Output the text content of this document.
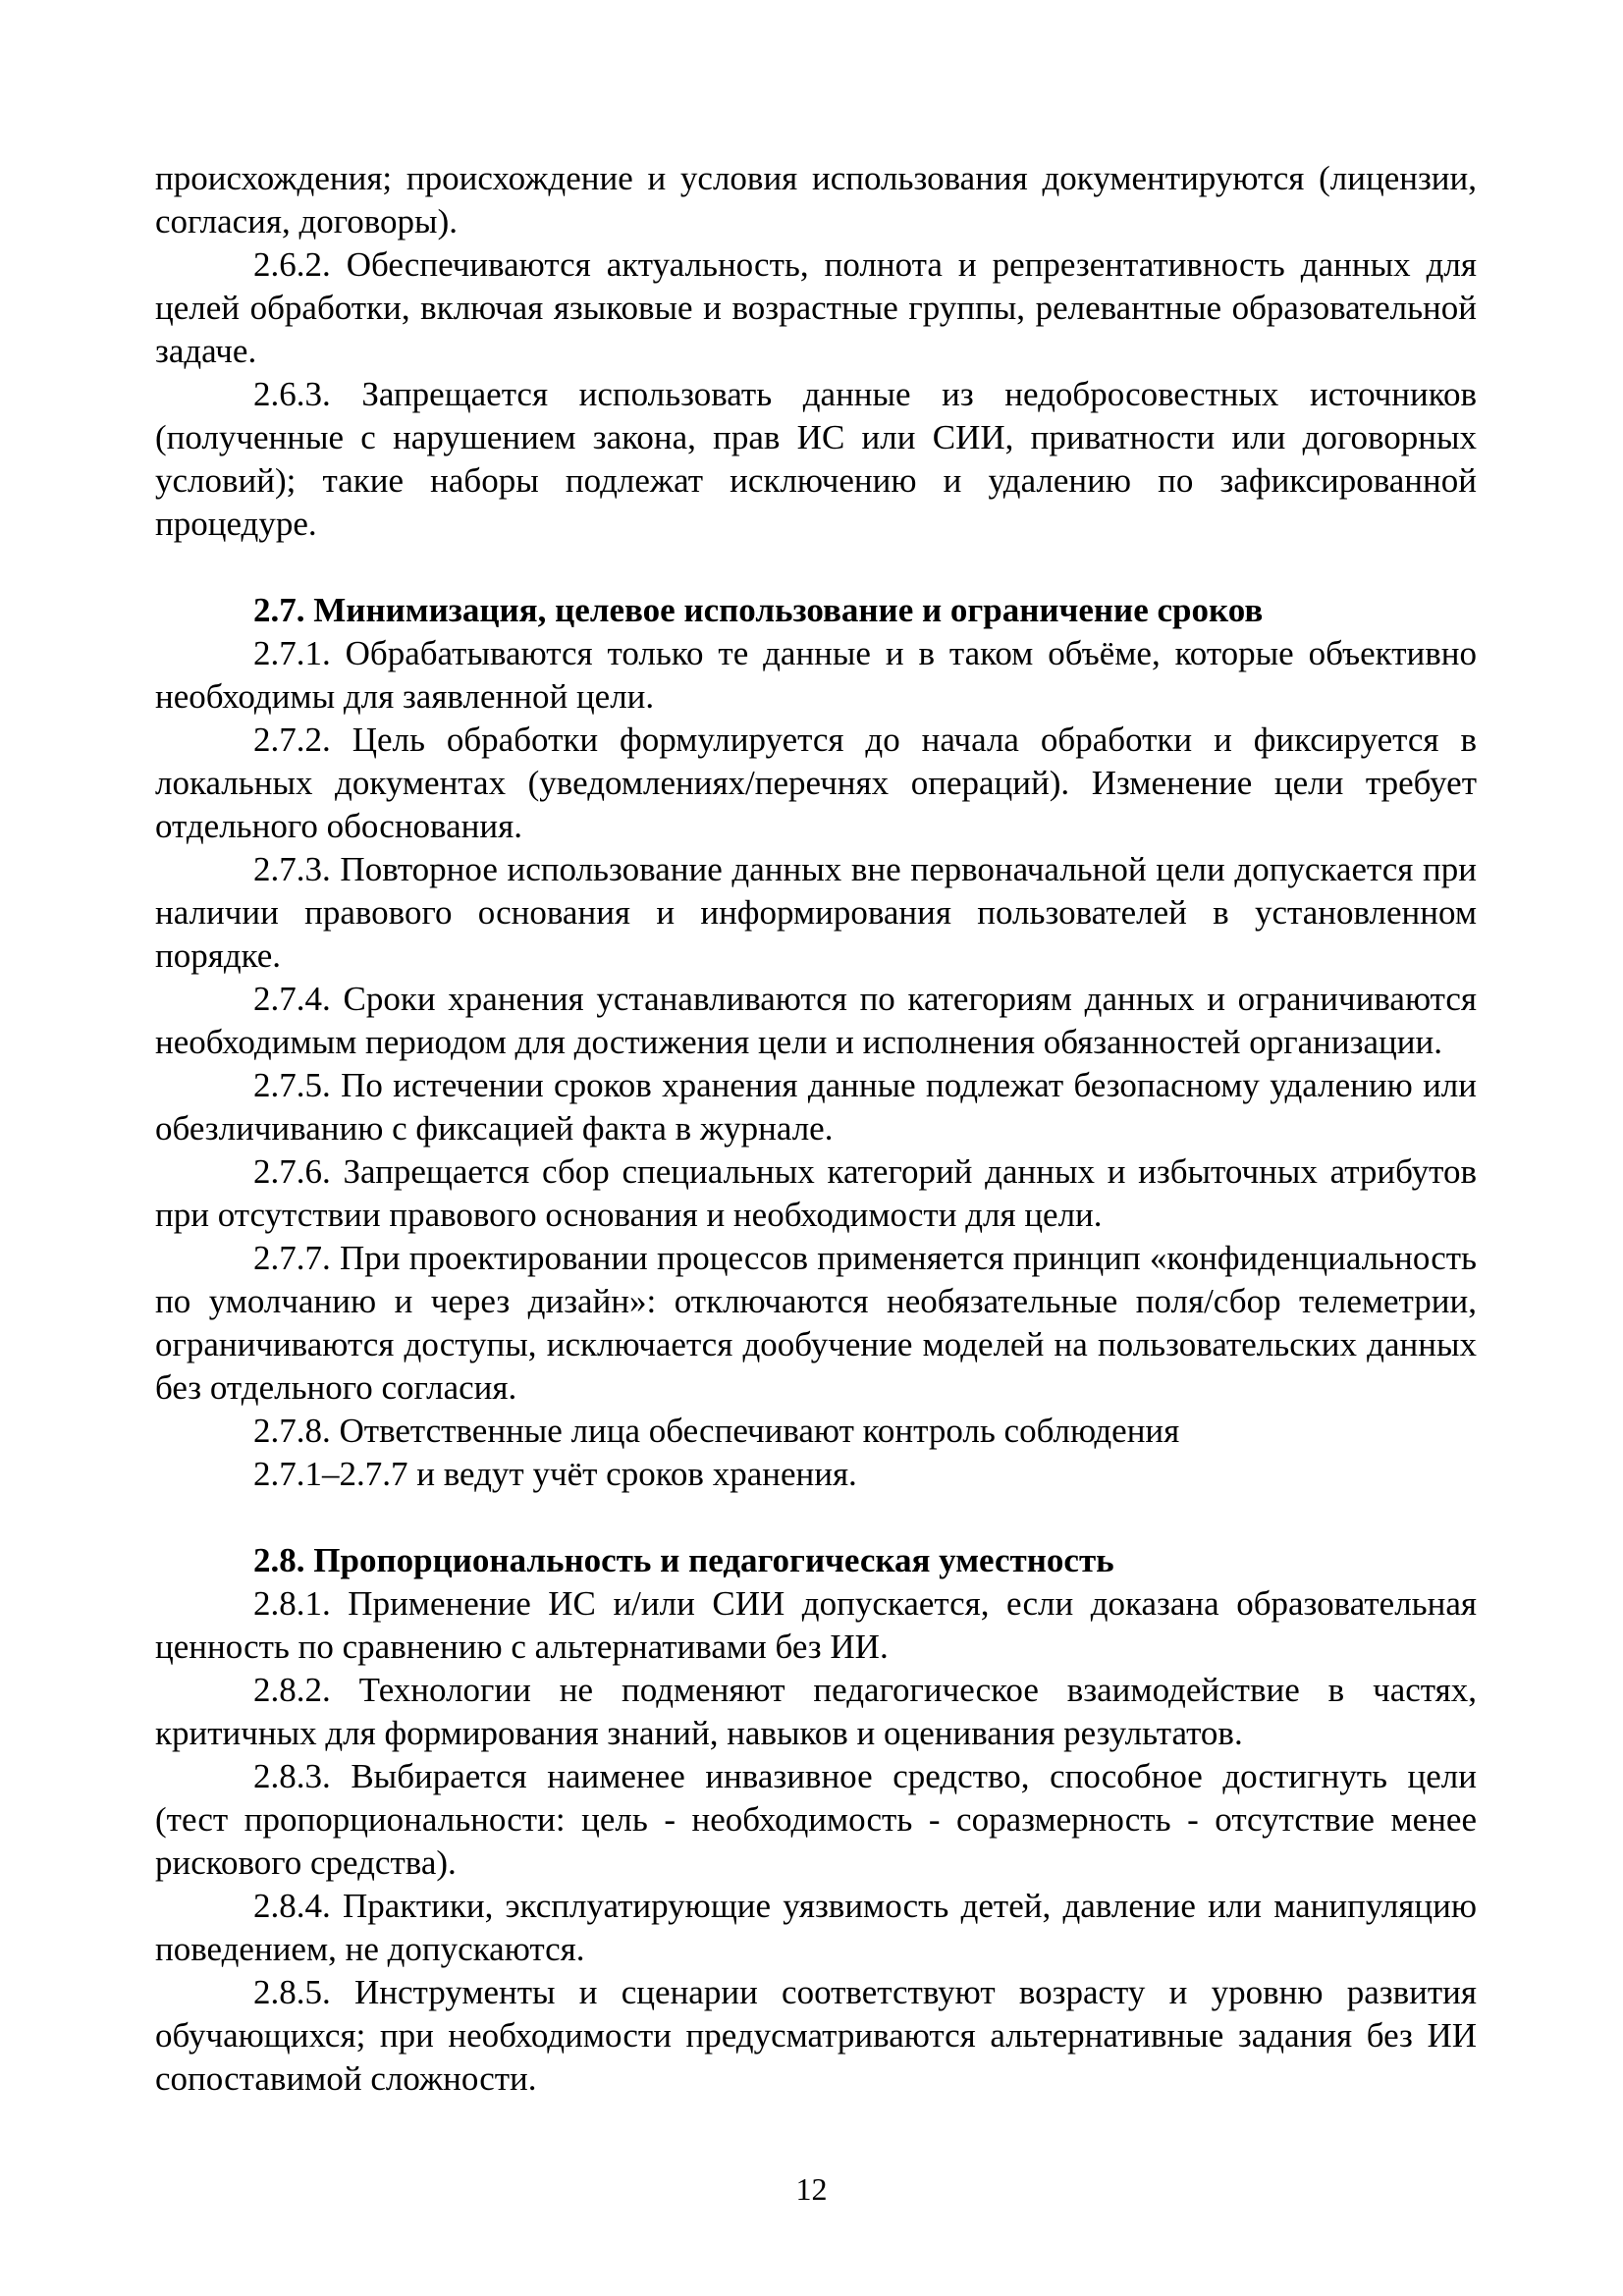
происхождения; происхождение и условия использования документируются (лицензии, согласия, договоры).

2.6.2. Обеспечиваются актуальность, полнота и репрезентативность данных для целей обработки, включая языковые и возрастные группы, релевантные образовательной задаче.

2.6.3. Запрещается использовать данные из недобросовестных источников (полученные с нарушением закона, прав ИС или СИИ, приватности или договорных условий); такие наборы подлежат исключению и удалению по зафиксированной процедуре.

2.7. Минимизация, целевое использование и ограничение сроков

2.7.1. Обрабатываются только те данные и в таком объёме, которые объективно необходимы для заявленной цели.

2.7.2. Цель обработки формулируется до начала обработки и фиксируется в локальных документах (уведомлениях/перечнях операций). Изменение цели требует отдельного обоснования.

2.7.3. Повторное использование данных вне первоначальной цели допускается при наличии правового основания и информирования пользователей в установленном порядке.

2.7.4. Сроки хранения устанавливаются по категориям данных и ограничиваются необходимым периодом для достижения цели и исполнения обязанностей организации.

2.7.5. По истечении сроков хранения данные подлежат безопасному удалению или обезличиванию с фиксацией факта в журнале.

2.7.6. Запрещается сбор специальных категорий данных и избыточных атрибутов при отсутствии правового основания и необходимости для цели.

2.7.7. При проектировании процессов применяется принцип «конфиденциальность по умолчанию и через дизайн»: отключаются необязательные поля/сбор телеметрии, ограничиваются доступы, исключается дообучение моделей на пользовательских данных без отдельного согласия.

2.7.8. Ответственные лица обеспечивают контроль соблюдения

2.7.1–2.7.7 и ведут учёт сроков хранения.

2.8. Пропорциональность и педагогическая уместность

2.8.1. Применение ИС и/или СИИ допускается, если доказана образовательная ценность по сравнению с альтернативами без ИИ.

2.8.2. Технологии не подменяют педагогическое взаимодействие в частях, критичных для формирования знаний, навыков и оценивания результатов.

2.8.3. Выбирается наименее инвазивное средство, способное достигнуть цели (тест пропорциональности: цель - необходимость - соразмерность - отсутствие менее рискового средства).

2.8.4. Практики, эксплуатирующие уязвимость детей, давление или манипуляцию поведением, не допускаются.

2.8.5. Инструменты и сценарии соответствуют возрасту и уровню развития обучающихся; при необходимости предусматриваются альтернативные задания без ИИ сопоставимой сложности.

12
